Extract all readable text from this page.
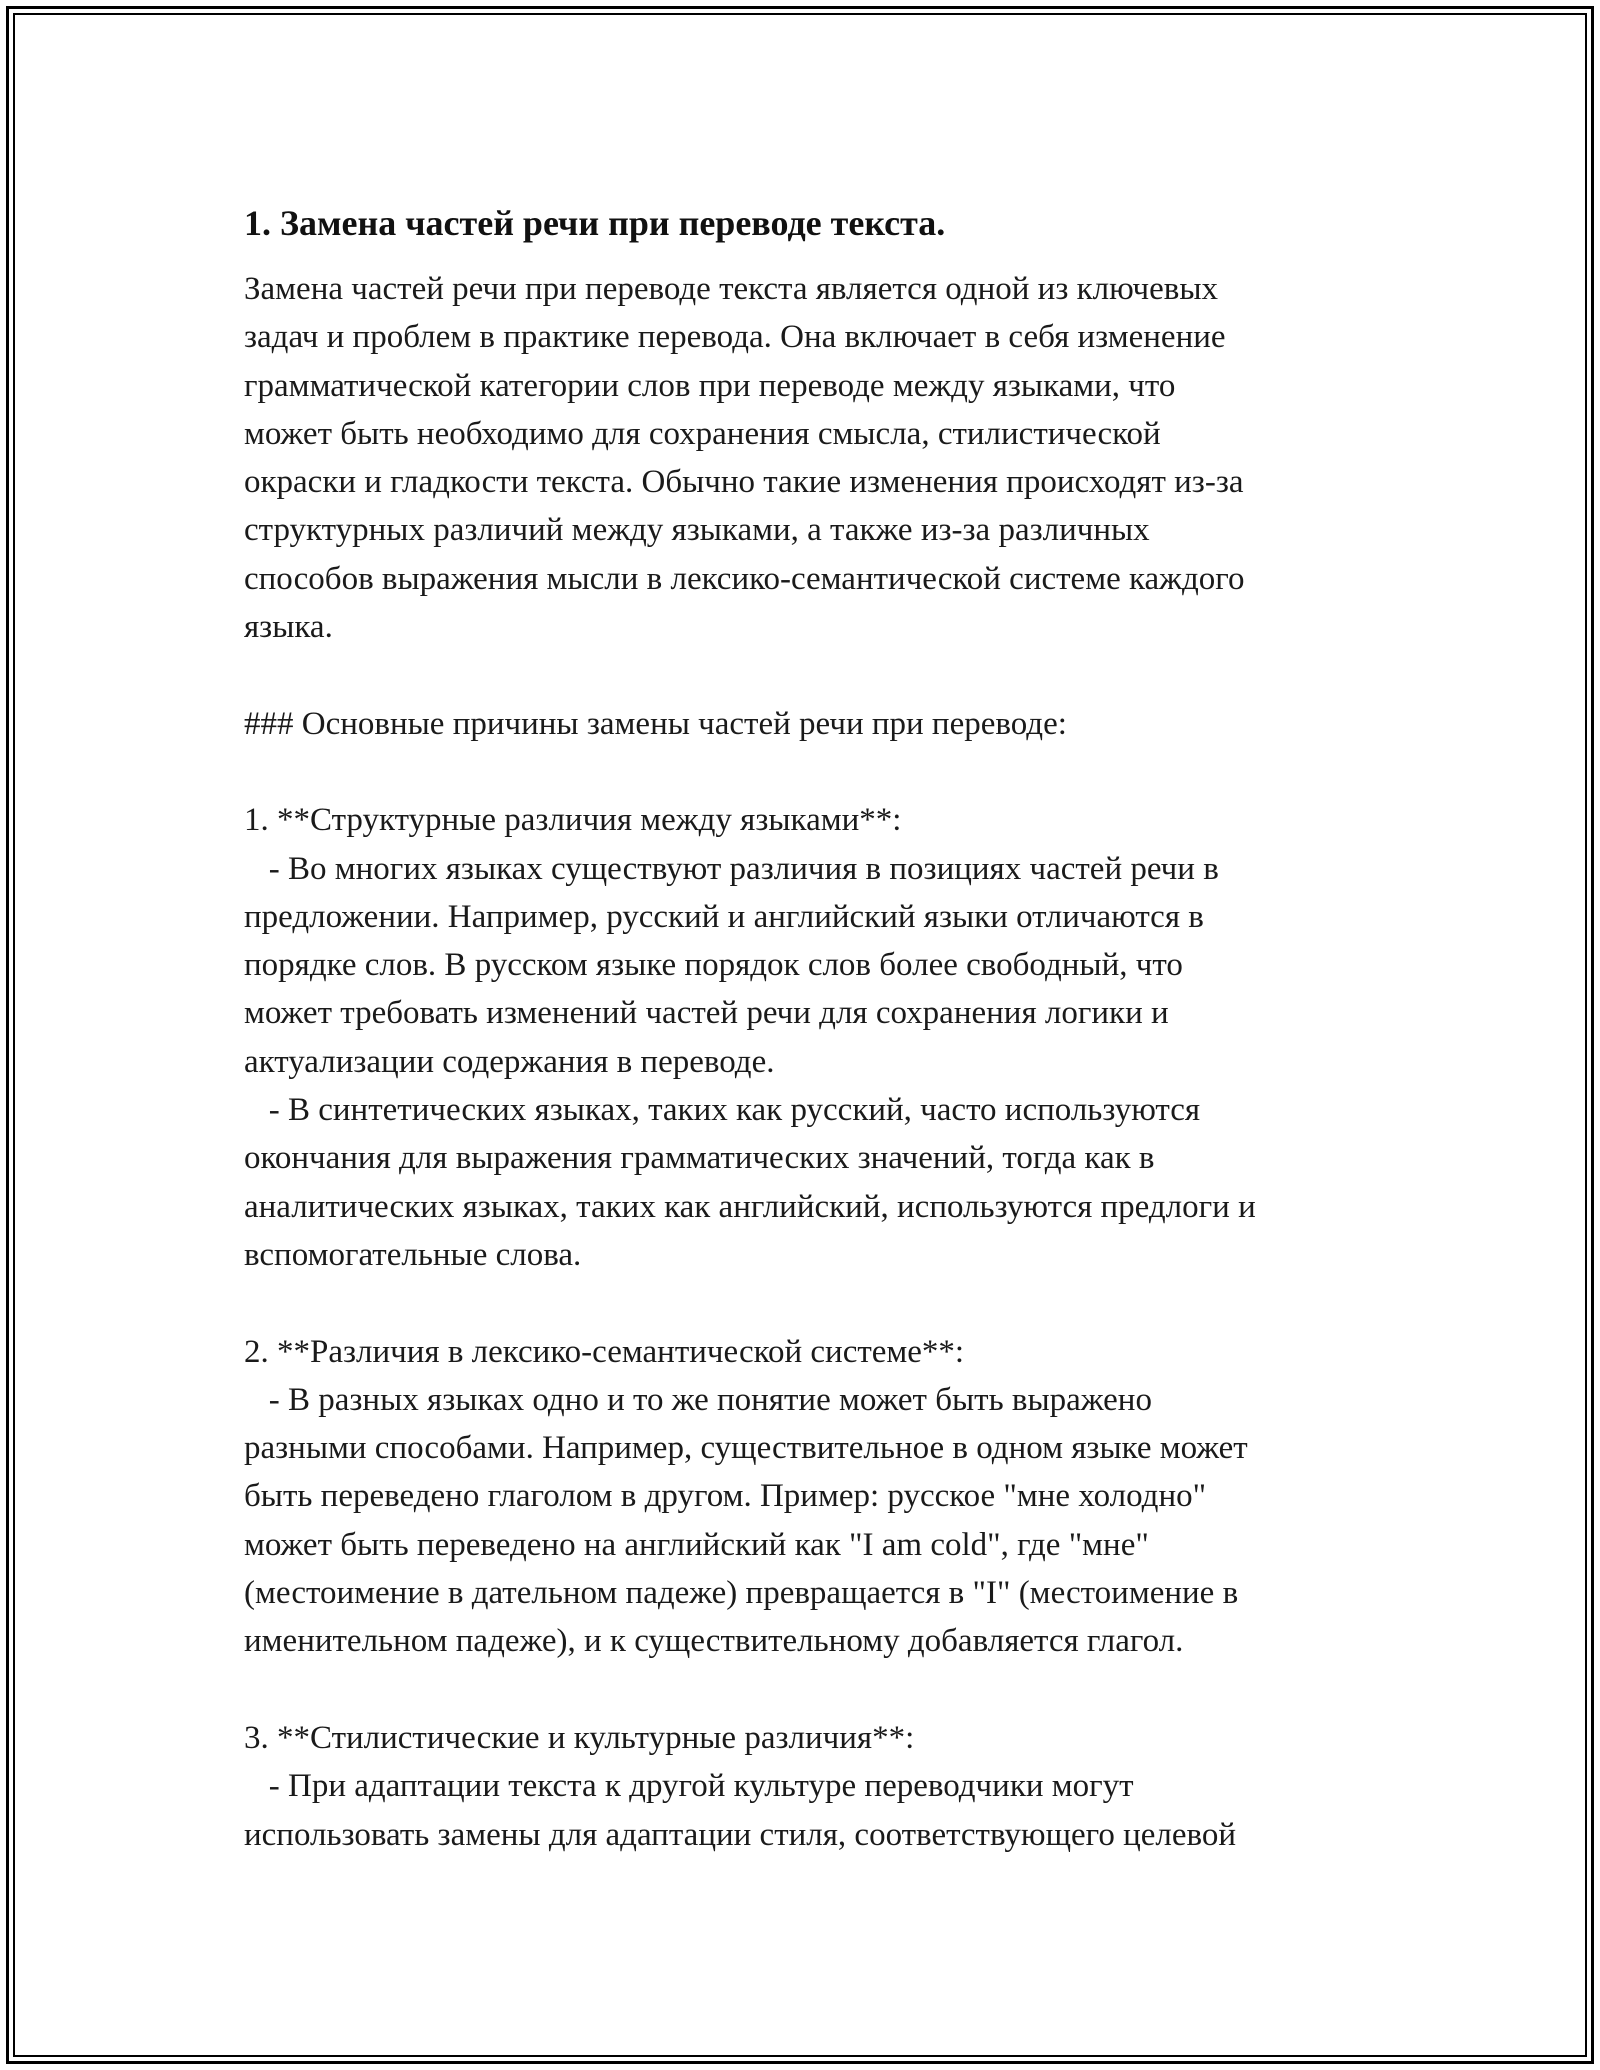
1. Замена частей речи при переводе текста.

Замена частей речи при переводе текста является одной из ключевых
задач и проблем в практике перевода. Она включает в себя изменение
грамматической категории слов при переводе между языками, что
может быть необходимо для сохранения смысла, стилистической
окраски и гладкости текста. Обычно такие изменения происходят из-за
структурных различий между языками, а также из-за различных
способов выражения мысли в лексико-семантической системе каждого
языка.

### Основные причины замены частей речи при переводе:

1. **Структурные различия между языками**:
- Во многих языках существуют различия в позициях частей речи в
предложении. Например, русский и английский языки отличаются в
порядке слов. В русском языке порядок слов более свободный, что
может требовать изменений частей речи для сохранения логики и
актуализации содержания в переводе.
- В синтетических языках, таких как русский, часто используются
окончания для выражения грамматических значений, тогда как в
аналитических языках, таких как английский, используются предлоги и
вспомогательные слова.

2. **Различия в лексико-семантической системе**:
- В разных языках одно и то же понятие может быть выражено
разными способами. Например, существительное в одном языке может
быть переведено глаголом в другом. Пример: русское "мне холодно"
может быть переведено на английский как "I am cold", где "мне"
(местоимение в дательном падеже) превращается в "I" (местоимение в
именительном падеже), и к существительному добавляется глагол.

3. **Стилистические и культурные различия**:
- При адаптации текста к другой культуре переводчики могут
использовать замены для адаптации стиля, соответствующего целевой
